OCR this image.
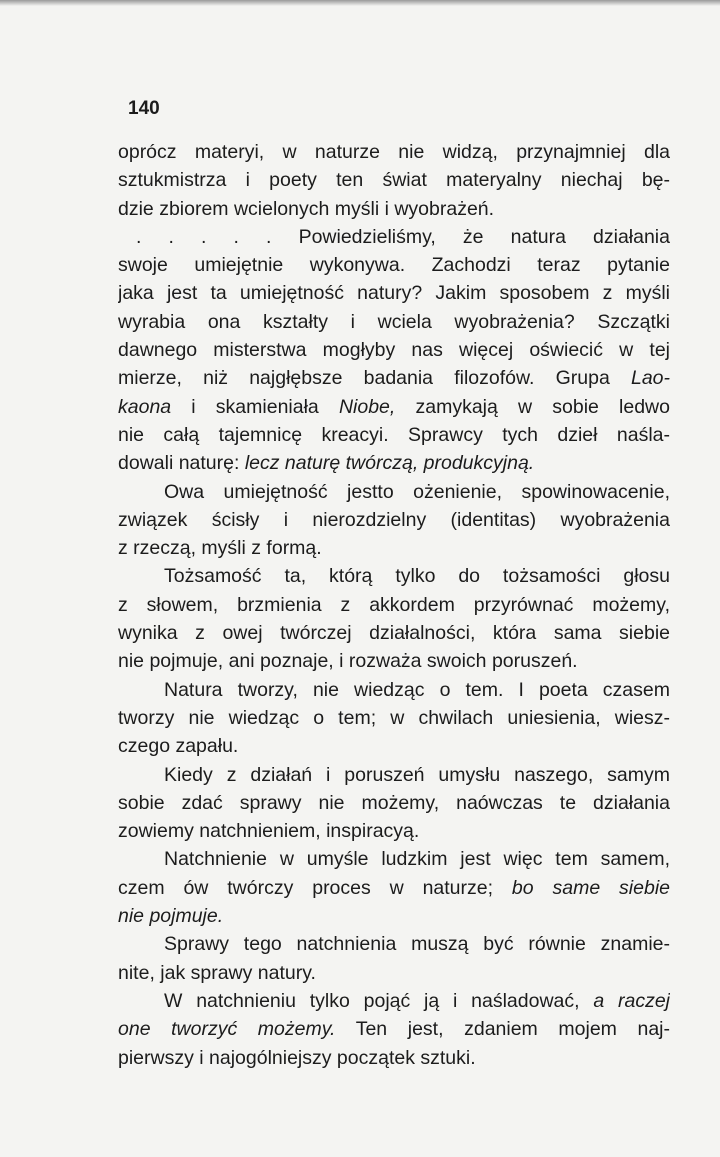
140
oprócz materyi, w naturze nie widzą, przynajmniej dla
sztukmistrza i poety ten świat materyalny niechaj bę-
dzie zbiorem wcielonych myśli i wyobrażeń.
. . . . . Powiedzieliśmy, że natura działania
swoje umiejętnie wykonywa. Zachodzi teraz pytanie
jaka jest ta umiejętność natury? Jakim sposobem z myśli
wyrabia ona kształty i wciela wyobrażenia? Szczątki
dawnego misterstwa mogłyby nas więcej oświecić w tej
mierze, niż najgłębsze badania filozofów. Grupa Lao-
kaona i skamieniała Niobe, zamykają w sobie ledwo
nie całą tajemnicę kreacyi. Sprawcy tych dzieł naśla-
dowali naturę: lecz naturę twórczą, produkcyjną.
Owa umiejętność jestto ożenienie, spowinowacenie,
związek ścisły i nierozdzielny (identitas) wyobrażenia
z rzeczą, myśli z formą.
Tożsamość ta, którą tylko do tożsamości głosu
z słowem, brzmienia z akkordem przyrównać możemy,
wynika z owej twórczej działalności, która sama siebie
nie pojmuje, ani poznaje, i rozważa swoich poruszeń.
Natura tworzy, nie wiedząc o tem. I poeta czasem
tworzy nie wiedząc o tem; w chwilach uniesienia, wiesz-
czego zapału.
Kiedy z działań i poruszeń umysłu naszego, samym
sobie zdać sprawy nie możemy, naówczas te działania
zowiemy natchnieniem, inspiracyą.
Natchnienie w umyśle ludzkim jest więc tem samem,
czem ów twórczy proces w naturze; bo same siebie
nie pojmuje.
Sprawy tego natchnienia muszą być równie znamie-
nite, jak sprawy natury.
W natchnieniu tylko pojąć ją i naśladować, a raczej
one tworzyć możemy. Ten jest, zdaniem mojem naj-
pierwszy i najogólniejszy początek sztuki.
